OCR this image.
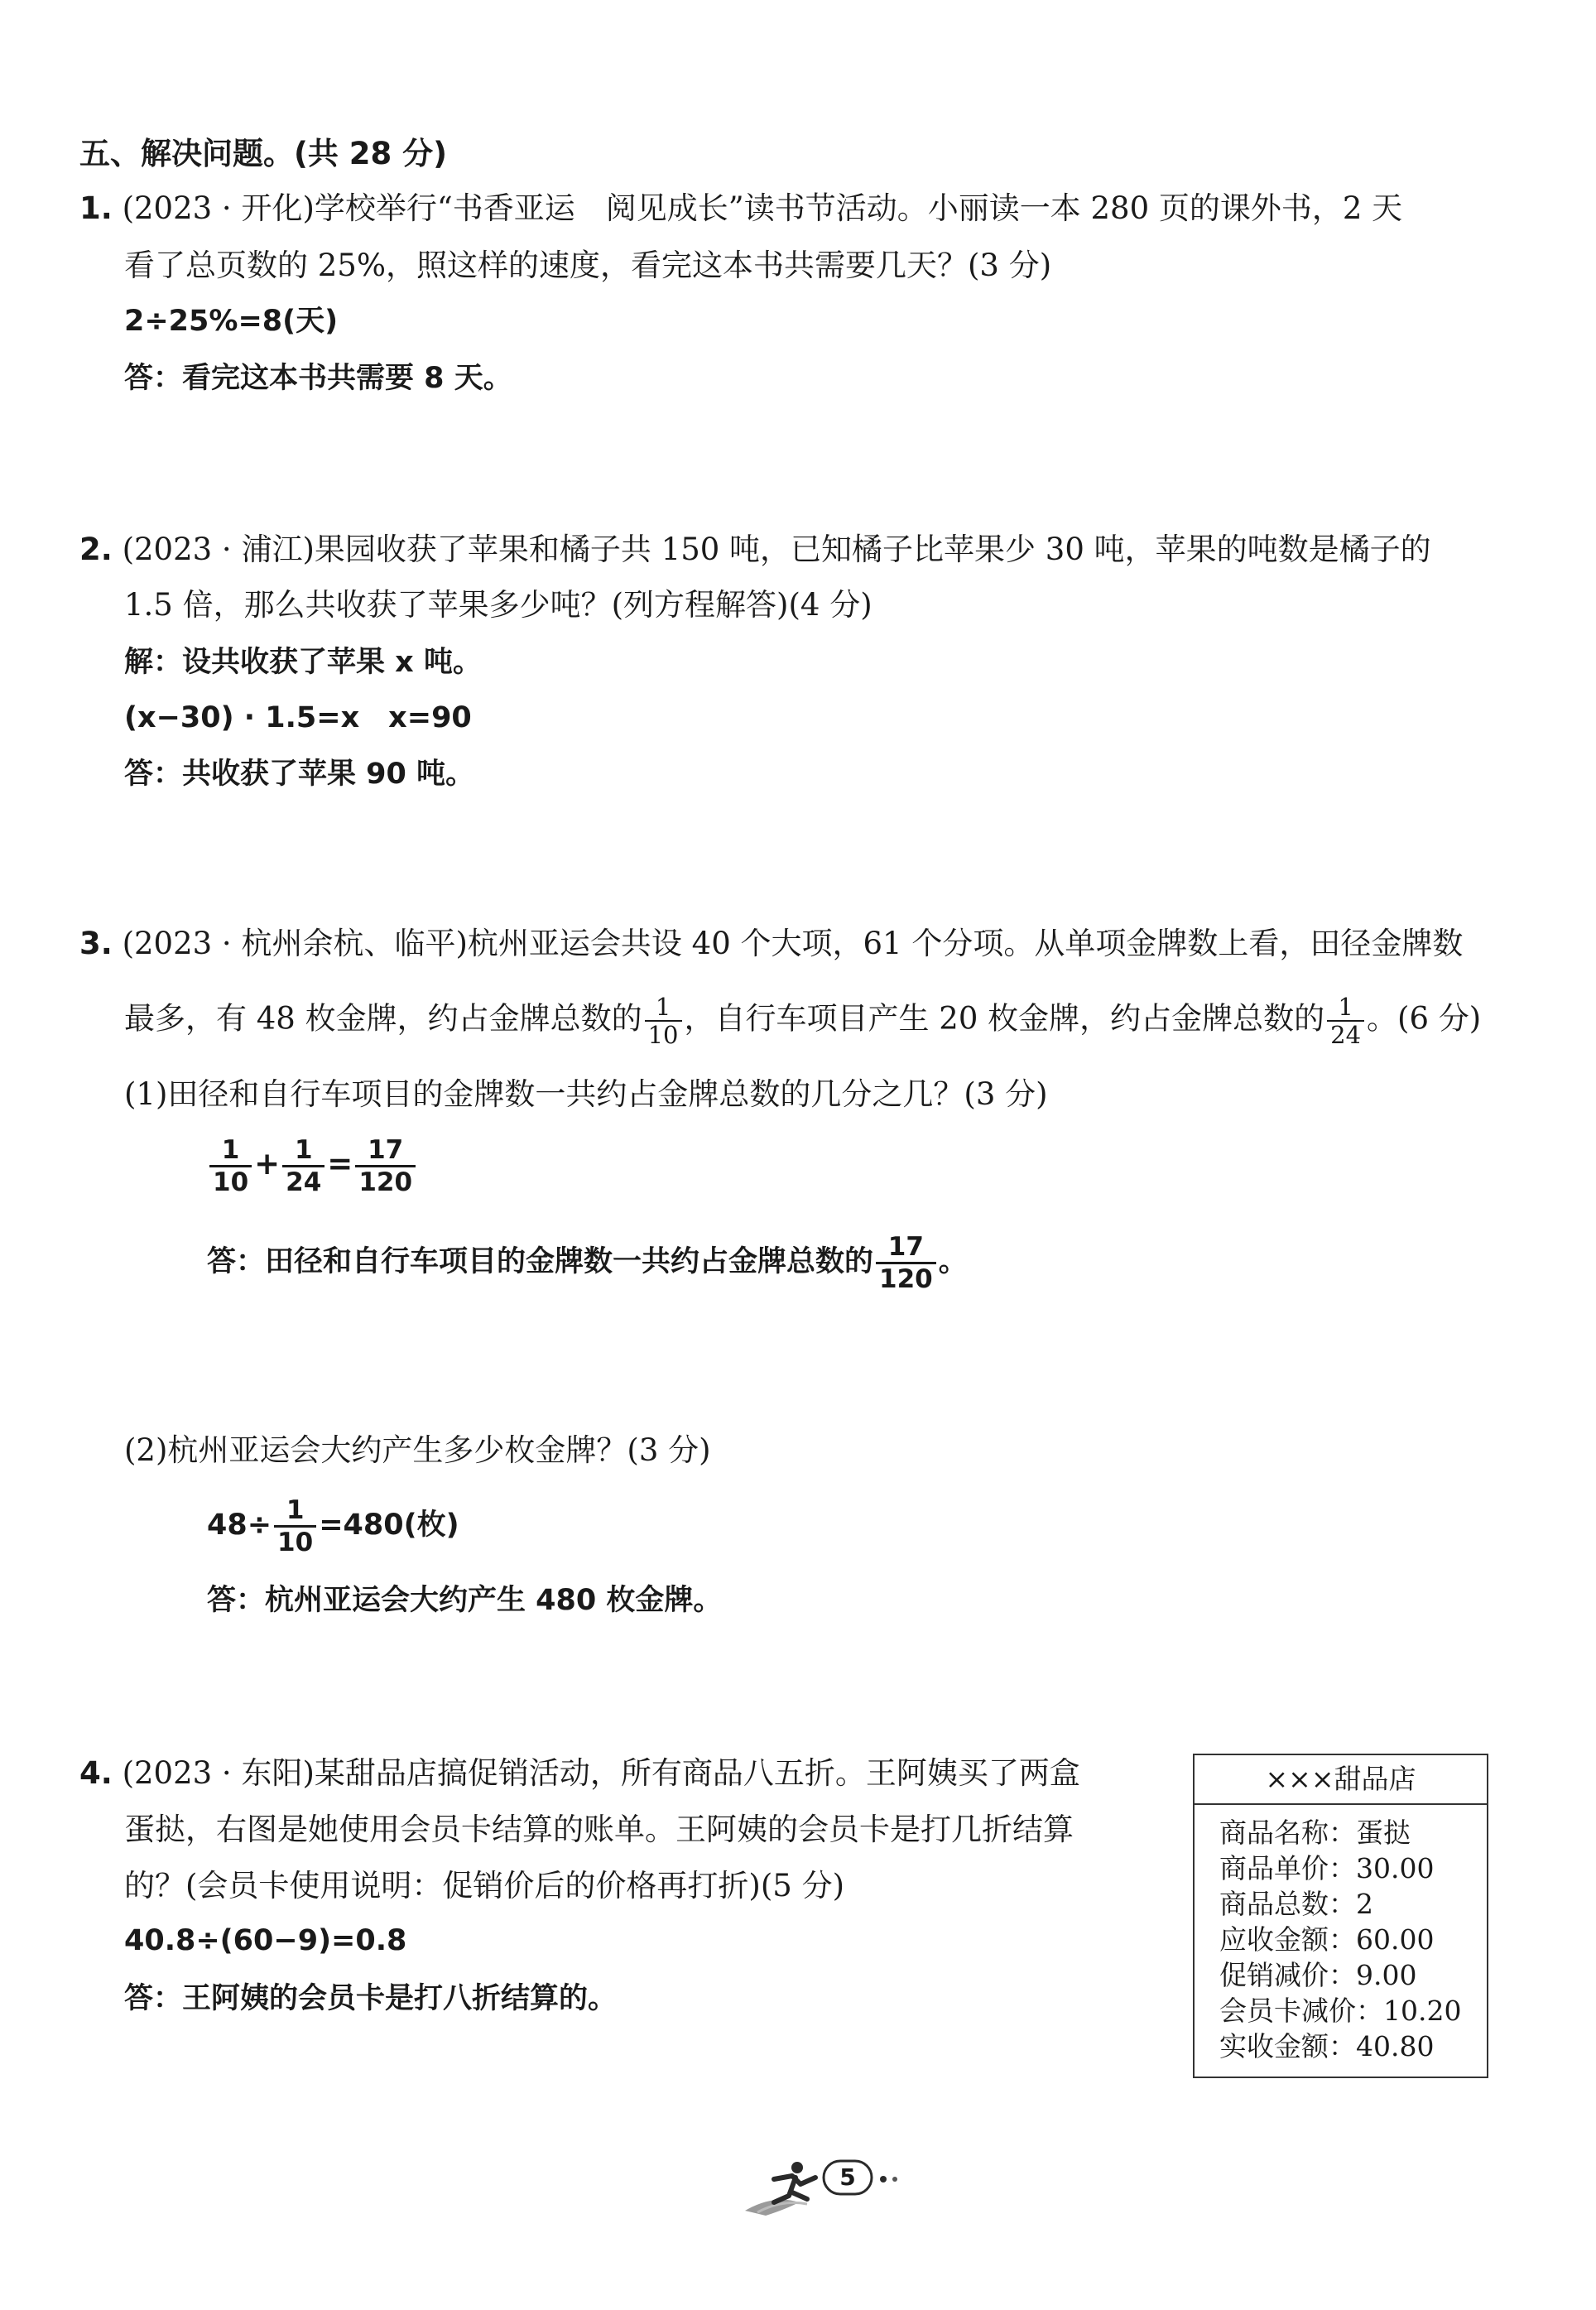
五、解决问题。(共 28 分)
1. (2023 · 开化)学校举行“书香亚运　阅见成长”读书节活动。小丽读一本 280 页的课外书，2 天
看了总页数的 25%，照这样的速度，看完这本书共需要几天？(3 分)
2÷25%=8(天)
答：看完这本书共需要 8 天。
2. (2023 · 浦江)果园收获了苹果和橘子共 150 吨，已知橘子比苹果少 30 吨，苹果的吨数是橘子的
1.5 倍，那么共收获了苹果多少吨？(列方程解答)(4 分)
解：设共收获了苹果 x 吨。
(x−30) · 1.5=x　x=90
答：共收获了苹果 90 吨。
3. (2023 · 杭州余杭、临平)杭州亚运会共设 40 个大项，61 个分项。从单项金牌数上看，田径金牌数
最多，有 48 枚金牌，约占金牌总数的 $\frac{1}{10}$ ，自行车项目产生 20 枚金牌，约占金牌总数的 $\frac{1}{24}$ 。(6 分)
(1)田径和自行车项目的金牌数一共约占金牌总数的几分之几？(3 分)
$\frac{1}{10} + \frac{1}{24} = \frac{17}{120}$
答：田径和自行车项目的金牌数一共约占金牌总数的 $\frac{17}{120}$ 。
(2)杭州亚运会大约产生多少枚金牌？(3 分)
$48\div \frac{1}{10} =480$(枚)
答：杭州亚运会大约产生 480 枚金牌。
4. (2023 · 东阳)某甜品店搞促销活动，所有商品八五折。王阿姨买了两盒
蛋挞，右图是她使用会员卡结算的账单。王阿姨的会员卡是打几折结算
的？(会员卡使用说明：促销价后的价格再打折)(5 分)
40.8÷(60−9)=0.8
答：王阿姨的会员卡是打八折结算的。
×××甜品店
商品名称：蛋挞
商品单价：30.00
商品总数：2
应收金额：60.00
促销减价：9.00
会员卡减价：10.20
实收金额：40.80
5
